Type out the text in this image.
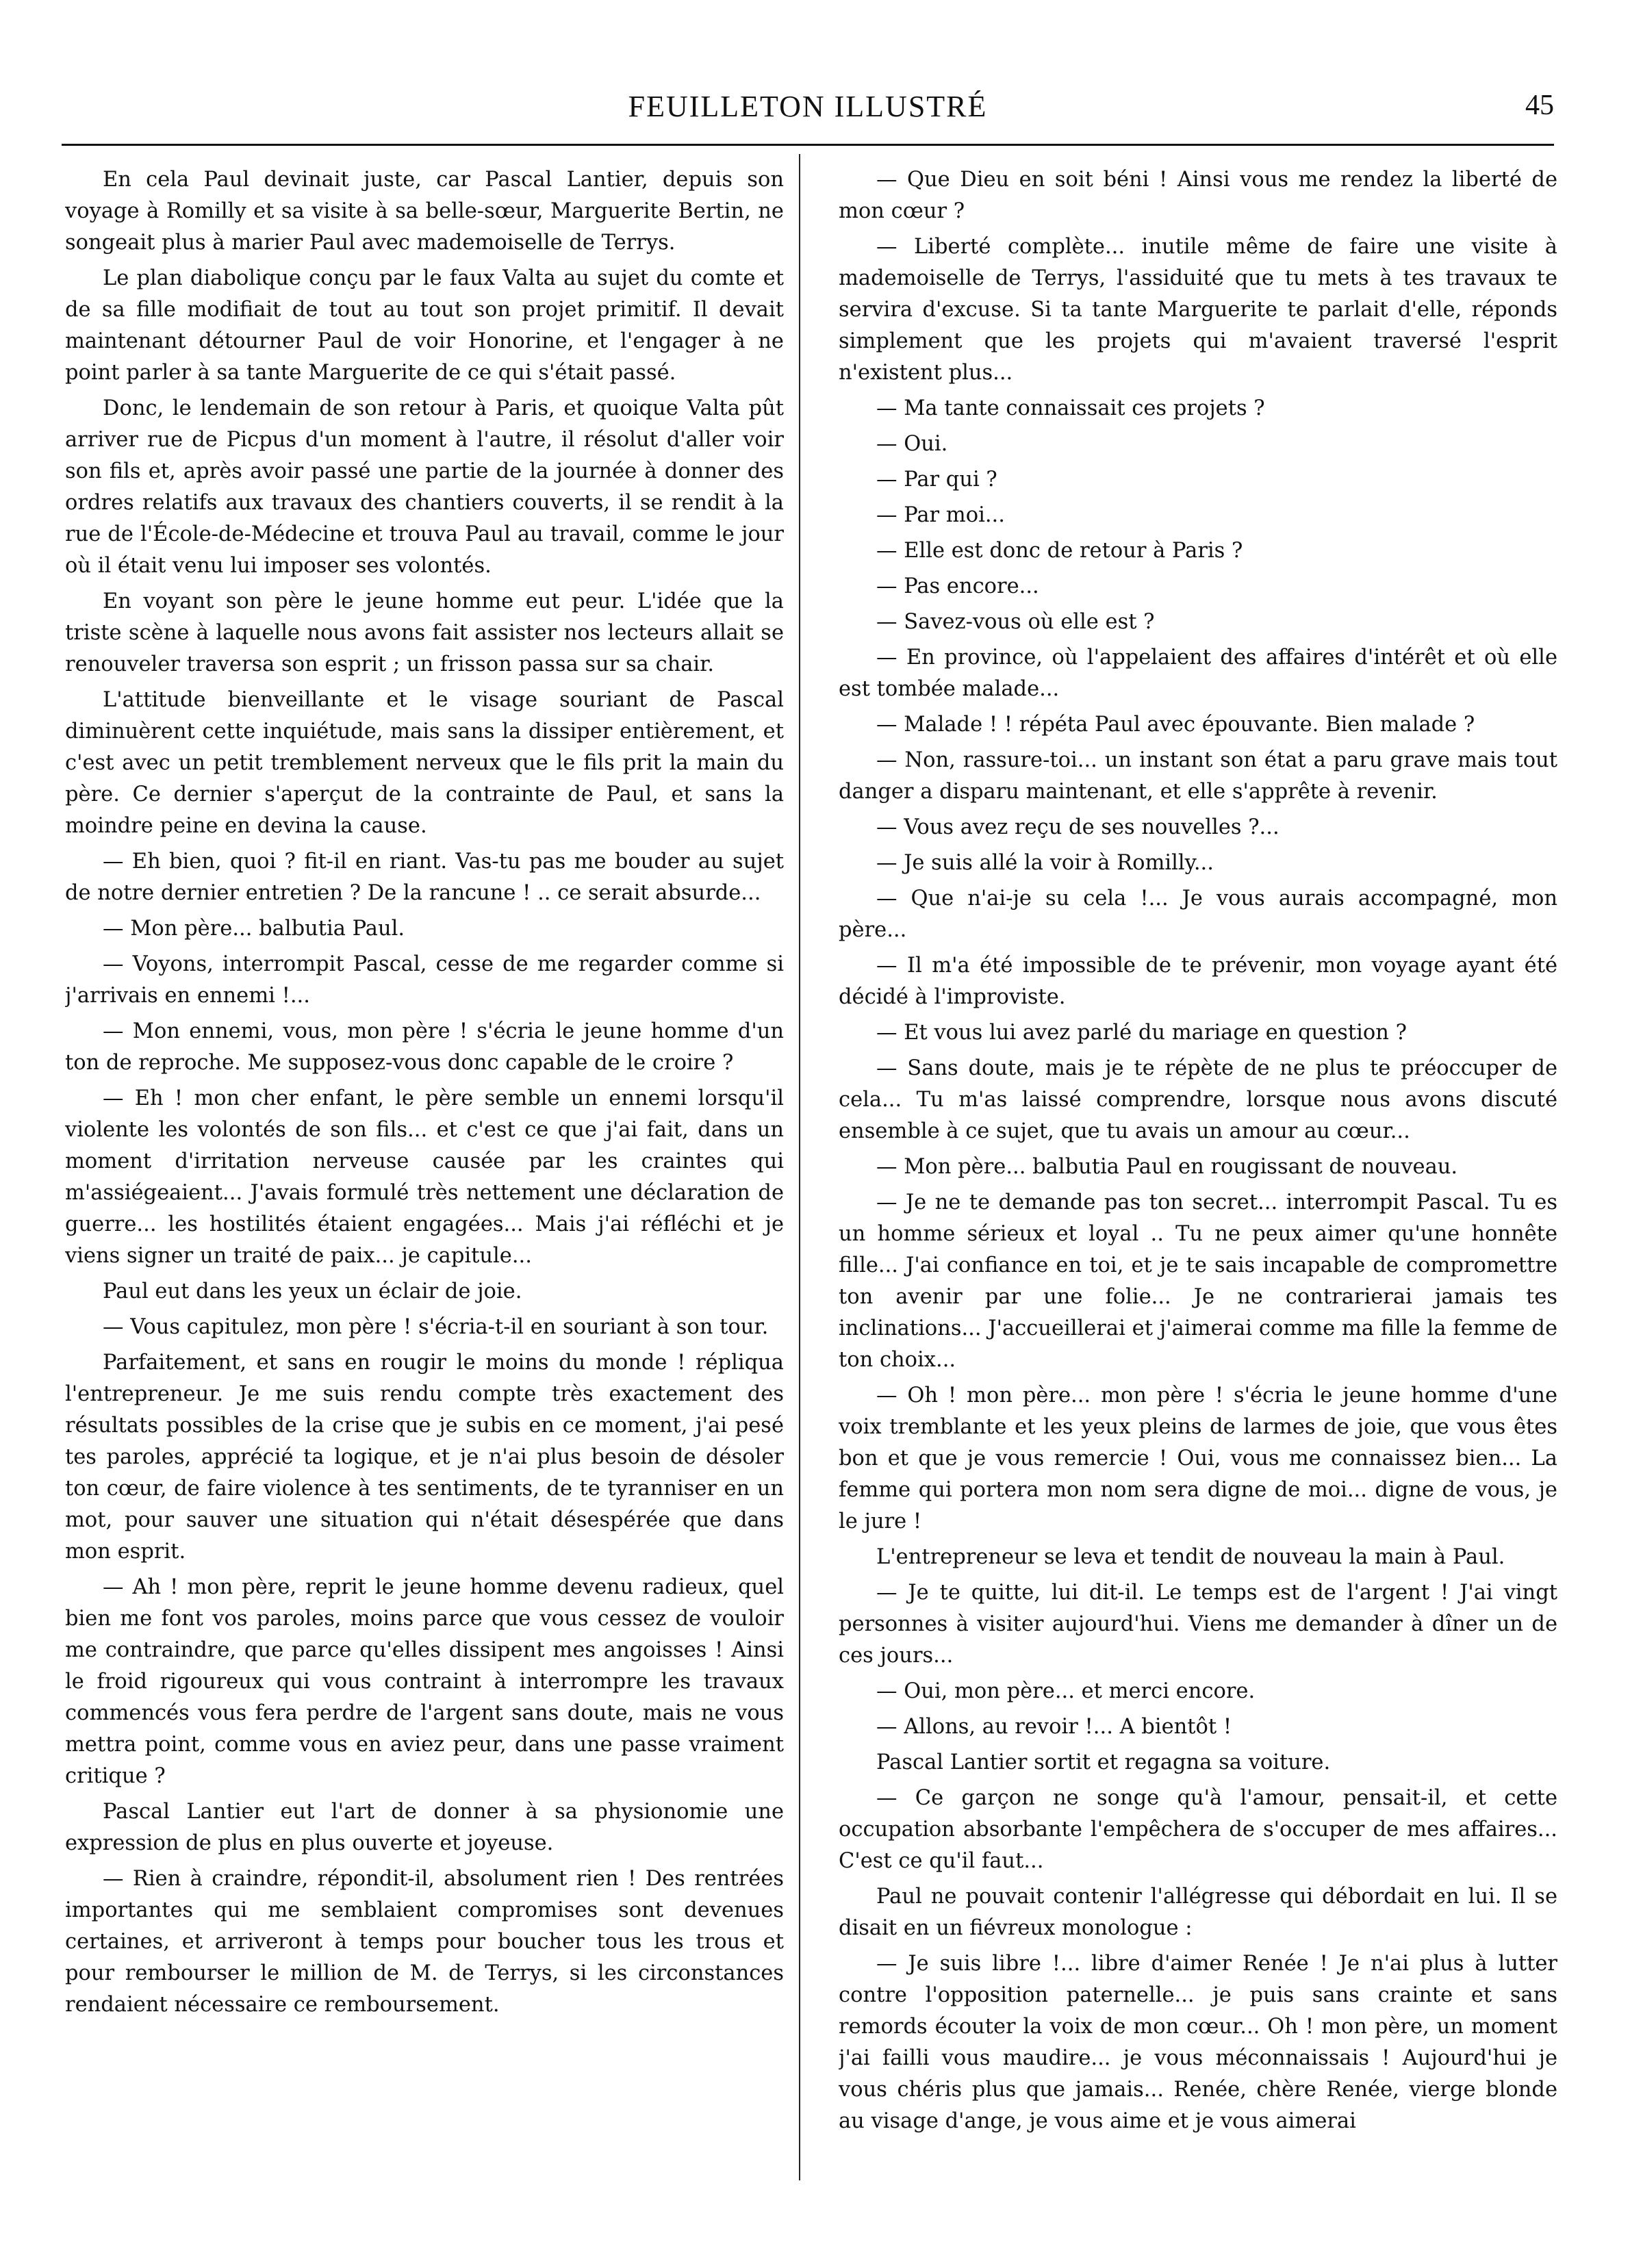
FEUILLETON ILLUSTRÉ	45

En cela Paul devinait juste, car Pascal Lantier, depuis son voyage à Romilly et sa visite à sa belle-sœur, Marguerite Bertin, ne songeait plus à marier Paul avec mademoiselle de Terrys.

Le plan diabolique conçu par le faux Valta au sujet du comte et de sa fille modifiait de tout au tout son projet primitif. Il devait maintenant détourner Paul de voir Honorine, et l'engager à ne point parler à sa tante Marguerite de ce qui s'était passé.

Donc, le lendemain de son retour à Paris, et quoique Valta pût arriver rue de Picpus d'un moment à l'autre, il résolut d'aller voir son fils et, après avoir passé une partie de la journée à donner des ordres relatifs aux travaux des chantiers couverts, il se rendit à la rue de l'École-de-Médecine et trouva Paul au travail, comme le jour où il était venu lui imposer ses volontés.

En voyant son père le jeune homme eut peur. L'idée que la triste scène à laquelle nous avons fait assister nos lecteurs allait se renouveler traversa son esprit ; un frisson passa sur sa chair.

L'attitude bienveillante et le visage souriant de Pascal diminuèrent cette inquiétude, mais sans la dissiper entièrement, et c'est avec un petit tremblement nerveux que le fils prit la main du père. Ce dernier s'aperçut de la contrainte de Paul, et sans la moindre peine en devina la cause.

— Eh bien, quoi ? fit-il en riant. Vas-tu pas me bouder au sujet de notre dernier entretien ? De la rancune ! .. ce serait absurde...

— Mon père... balbutia Paul.

— Voyons, interrompit Pascal, cesse de me regarder comme si j'arrivais en ennemi !...

— Mon ennemi, vous, mon père ! s'écria le jeune homme d'un ton de reproche. Me supposez-vous donc capable de le croire ?

— Eh ! mon cher enfant, le père semble un ennemi lorsqu'il violente les volontés de son fils... et c'est ce que j'ai fait, dans un moment d'irritation nerveuse causée par les craintes qui m'assiégeaient... J'avais formulé très nettement une déclaration de guerre... les hostilités étaient engagées... Mais j'ai réfléchi et je viens signer un traité de paix... je capitule...

Paul eut dans les yeux un éclair de joie.

— Vous capitulez, mon père ! s'écria-t-il en souriant à son tour.

Parfaitement, et sans en rougir le moins du monde ! répliqua l'entrepreneur. Je me suis rendu compte très exactement des résultats possibles de la crise que je subis en ce moment, j'ai pesé tes paroles, apprécié ta logique, et je n'ai plus besoin de désoler ton cœur, de faire violence à tes sentiments, de te tyranniser en un mot, pour sauver une situation qui n'était désespérée que dans mon esprit.

— Ah ! mon père, reprit le jeune homme devenu radieux, quel bien me font vos paroles, moins parce que vous cessez de vouloir me contraindre, que parce qu'elles dissipent mes angoisses ! Ainsi le froid rigoureux qui vous contraint à interrompre les travaux commencés vous fera perdre de l'argent sans doute, mais ne vous mettra point, comme vous en aviez peur, dans une passe vraiment critique ?

Pascal Lantier eut l'art de donner à sa physionomie une expression de plus en plus ouverte et joyeuse.

— Rien à craindre, répondit-il, absolument rien ! Des rentrées importantes qui me semblaient compromises sont devenues certaines, et arriveront à temps pour boucher tous les trous et pour rembourser le million de M. de Terrys, si les circonstances rendaient nécessaire ce remboursement.

— Que Dieu en soit béni ! Ainsi vous me rendez la liberté de mon cœur ?

— Liberté complète... inutile même de faire une visite à mademoiselle de Terrys, l'assiduité que tu mets à tes travaux te servira d'excuse. Si ta tante Marguerite te parlait d'elle, réponds simplement que les projets qui m'avaient traversé l'esprit n'existent plus...

— Ma tante connaissait ces projets ?

— Oui.

— Par qui ?

— Par moi...

— Elle est donc de retour à Paris ?

— Pas encore...

— Savez-vous où elle est ?

— En province, où l'appelaient des affaires d'intérêt et où elle est tombée malade...

— Malade ! ! répéta Paul avec épouvante. Bien malade ?

— Non, rassure-toi... un instant son état a paru grave mais tout danger a disparu maintenant, et elle s'apprête à revenir.

— Vous avez reçu de ses nouvelles ?...

— Je suis allé la voir à Romilly...

— Que n'ai-je su cela !... Je vous aurais accompagné, mon père...

— Il m'a été impossible de te prévenir, mon voyage ayant été décidé à l'improviste.

— Et vous lui avez parlé du mariage en question ?

— Sans doute, mais je te répète de ne plus te préoccuper de cela... Tu m'as laissé comprendre, lorsque nous avons discuté ensemble à ce sujet, que tu avais un amour au cœur...

— Mon père... balbutia Paul en rougissant de nouveau.

— Je ne te demande pas ton secret... interrompit Pascal. Tu es un homme sérieux et loyal .. Tu ne peux aimer qu'une honnête fille... J'ai confiance en toi, et je te sais incapable de compromettre ton avenir par une folie... Je ne contrarierai jamais tes inclinations... J'accueillerai et j'aimerai comme ma fille la femme de ton choix...

— Oh ! mon père... mon père ! s'écria le jeune homme d'une voix tremblante et les yeux pleins de larmes de joie, que vous êtes bon et que je vous remercie ! Oui, vous me connaissez bien... La femme qui portera mon nom sera digne de moi... digne de vous, je le jure !

L'entrepreneur se leva et tendit de nouveau la main à Paul.

— Je te quitte, lui dit-il. Le temps est de l'argent ! J'ai vingt personnes à visiter aujourd'hui. Viens me demander à dîner un de ces jours...

— Oui, mon père... et merci encore.

— Allons, au revoir !... A bientôt !

Pascal Lantier sortit et regagna sa voiture.

— Ce garçon ne songe qu'à l'amour, pensait-il, et cette occupation absorbante l'empêchera de s'occuper de mes affaires... C'est ce qu'il faut...

Paul ne pouvait contenir l'allégresse qui débordait en lui. Il se disait en un fiévreux monologue :

— Je suis libre !... libre d'aimer Renée ! Je n'ai plus à lutter contre l'opposition paternelle... je puis sans crainte et sans remords écouter la voix de mon cœur... Oh ! mon père, un moment j'ai failli vous maudire... je vous méconnaissais ! Aujourd'hui je vous chéris plus que jamais... Renée, chère Renée, vierge blonde au visage d'ange, je vous aime et je vous aimerai
